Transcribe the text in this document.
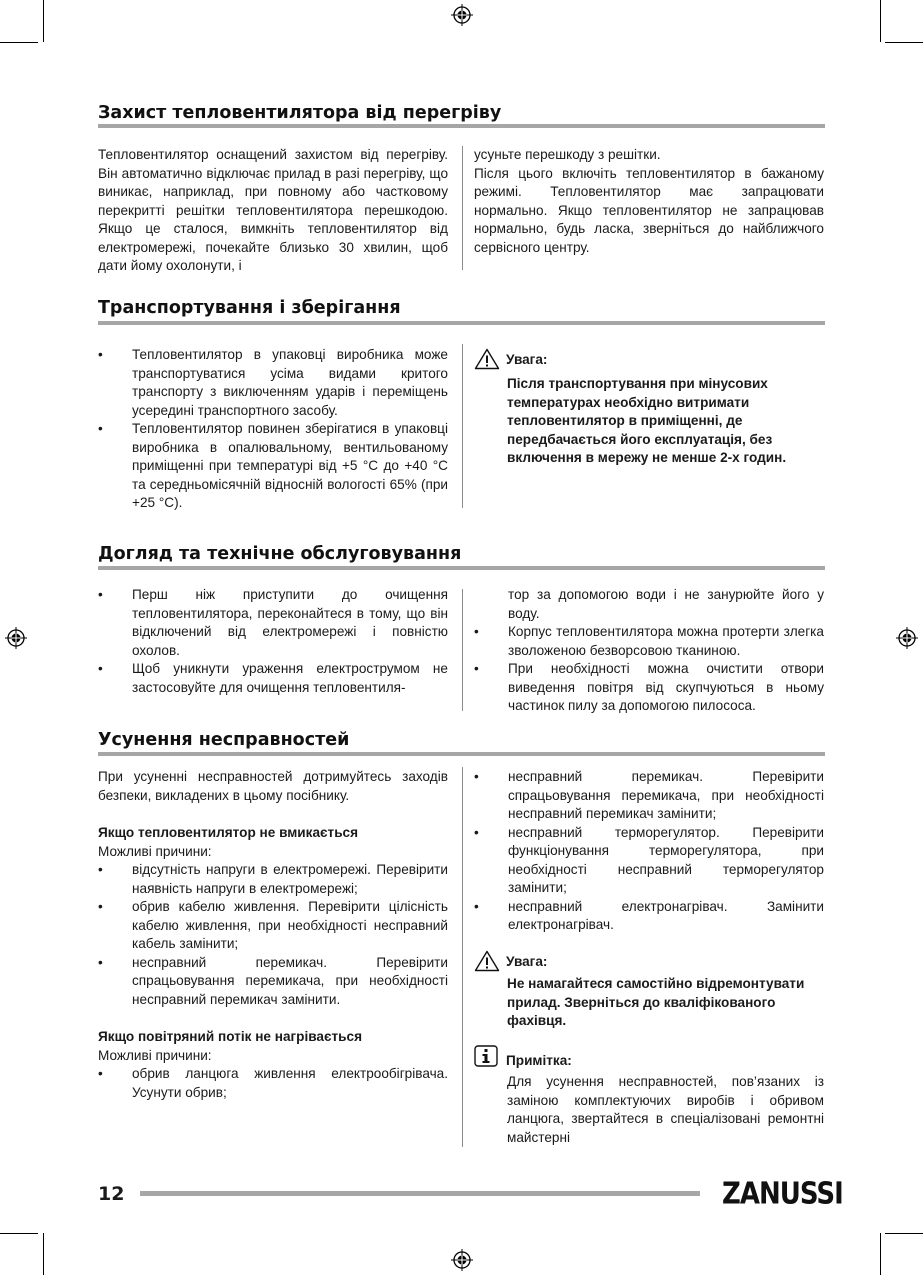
Захист тепловентилятора від перегріву

Тепловентилятор оснащений захистом від перегріву. Він автоматично відключає прилад в разі перегріву, що виникає, наприклад, при повному або частковому перекритті решітки тепловентилятора перешкодою. Якщо це сталося, вимкніть тепловентилятор від електромережі, почекайте близько 30 хвилин, щоб дати йому охолонути, і

усуньте перешкоду з решітки.
Після цього включіть тепловентилятор в бажаному режимі. Тепловентилятор має запрацювати нормально. Якщо тепловентилятор не запрацював нормально, будь ласка, зверніться до найближчого сервісного центру.
Транспортування і зберігання
• Тепловентилятор в упаковці виробника може транспортуватися усіма видами критого транспорту з виключенням ударів і переміщень усередині транспортного засобу.
• Тепловентилятор повинен зберігатися в упаковці виробника в опалювальному, вентильованому приміщенні при температурі від +5 °С до +40 °С та середньомісячній відносній вологості 65% (при +25 °С).
Увага:
Після транспортування при мінусових температурах необхідно витримати тепловентилятор в приміщенні, де передбачається його експлуатація, без включення в мережу не менше 2-х годин.
Догляд та технічне обслуговування
• Перш ніж приступити до очищення тепловентилятора, переконайтеся в тому, що він відключений від електромережі і повністю охолов.
• Щоб уникнути ураження електрострумом не застосовуйте для очищення тепловентиля-

тор за допомогою води і не занурюйте його у воду.

• Корпус тепловентилятора можна протерти злегка зволоженою безворсовою тканиною.
• При необхідності можна очистити отвори виведення повітря від скупчуються в ньому частинок пилу за допомогою пилососа.
Усунення несправностей

При усуненні несправностей дотримуйтесь заходів безпеки, викладених в цьому посібнику.

Якщо тепловентилятор не вмикається

Можливі причини:

• відсутність напруги в електромережі. Перевірити наявність напруги в електромережі;
• обрив кабелю живлення. Перевірити цілісність кабелю живлення, при необхідності несправний кабель замінити;
• несправний перемикач. Перевірити спрацьовування перемикача, при необхідності несправний перемикач замінити.

Якщо повітряний потік не нагрівається

Можливі причини:

• обрив ланцюга живлення електрообігрівача. Усунути обрив;
• несправний перемикач. Перевірити спрацьовування перемикача, при необхідності несправний перемикач замінити;
• несправний терморегулятор. Перевірити функціонування терморегулятора, при необхідності несправний терморегулятор замінити;
• несправний електронагрівач. Замінити електронагрівач.
Увага:
Не намагайтеся самостійно відремонтувати прилад. Зверніться до кваліфікованого фахівця.
Примітка:
Для усунення несправностей, пов’язаних із заміною комплектуючих виробів і обривом ланцюга, звертайтеся в спеціалізовані ремонтні майстерні
12	ZANUSSI
